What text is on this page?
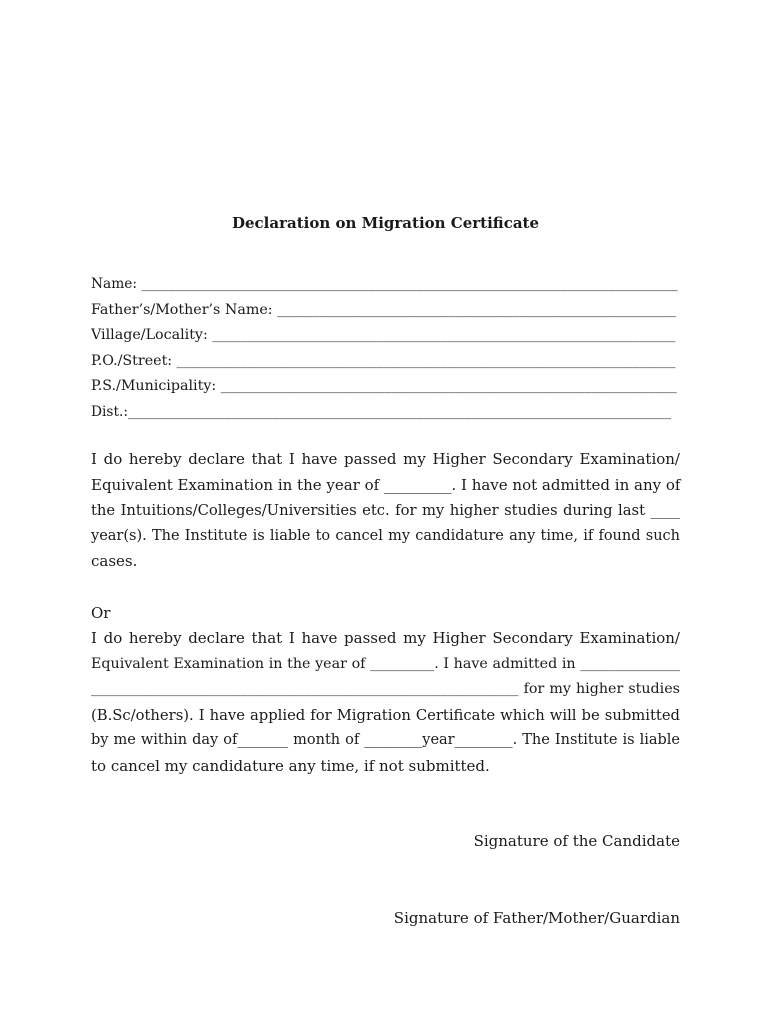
Declaration on Migration Certificate
Name: ______________________________________________________________________________
Father’s/Mother’s Name: ________________________________________________________
Village/Locality: _________________________________________________________________
P.O./Street: ______________________________________________________________________
P.S./Municipality: ________________________________________________________________
Dist.:_______________________________________________________________________________
I do hereby declare that I have passed my Higher Secondary Examination/
Equivalent Examination in the year of _________. I have not admitted in any of
the Intuitions/Colleges/Universities etc. for my higher studies during last ____
year(s). The Institute is liable to cancel my candidature any time, if found such
cases.
Or
I do hereby declare that I have passed my Higher Secondary Examination/
Equivalent Examination in the year of _________. I have admitted in ______________
____________________________________________________________ for my higher studies
(B.Sc/others). I have applied for Migration Certificate which will be submitted
by me within day of_______ month of ________year________. The Institute is liable
to cancel my candidature any time, if not submitted.
Signature of the Candidate
Signature of Father/Mother/Guardian
